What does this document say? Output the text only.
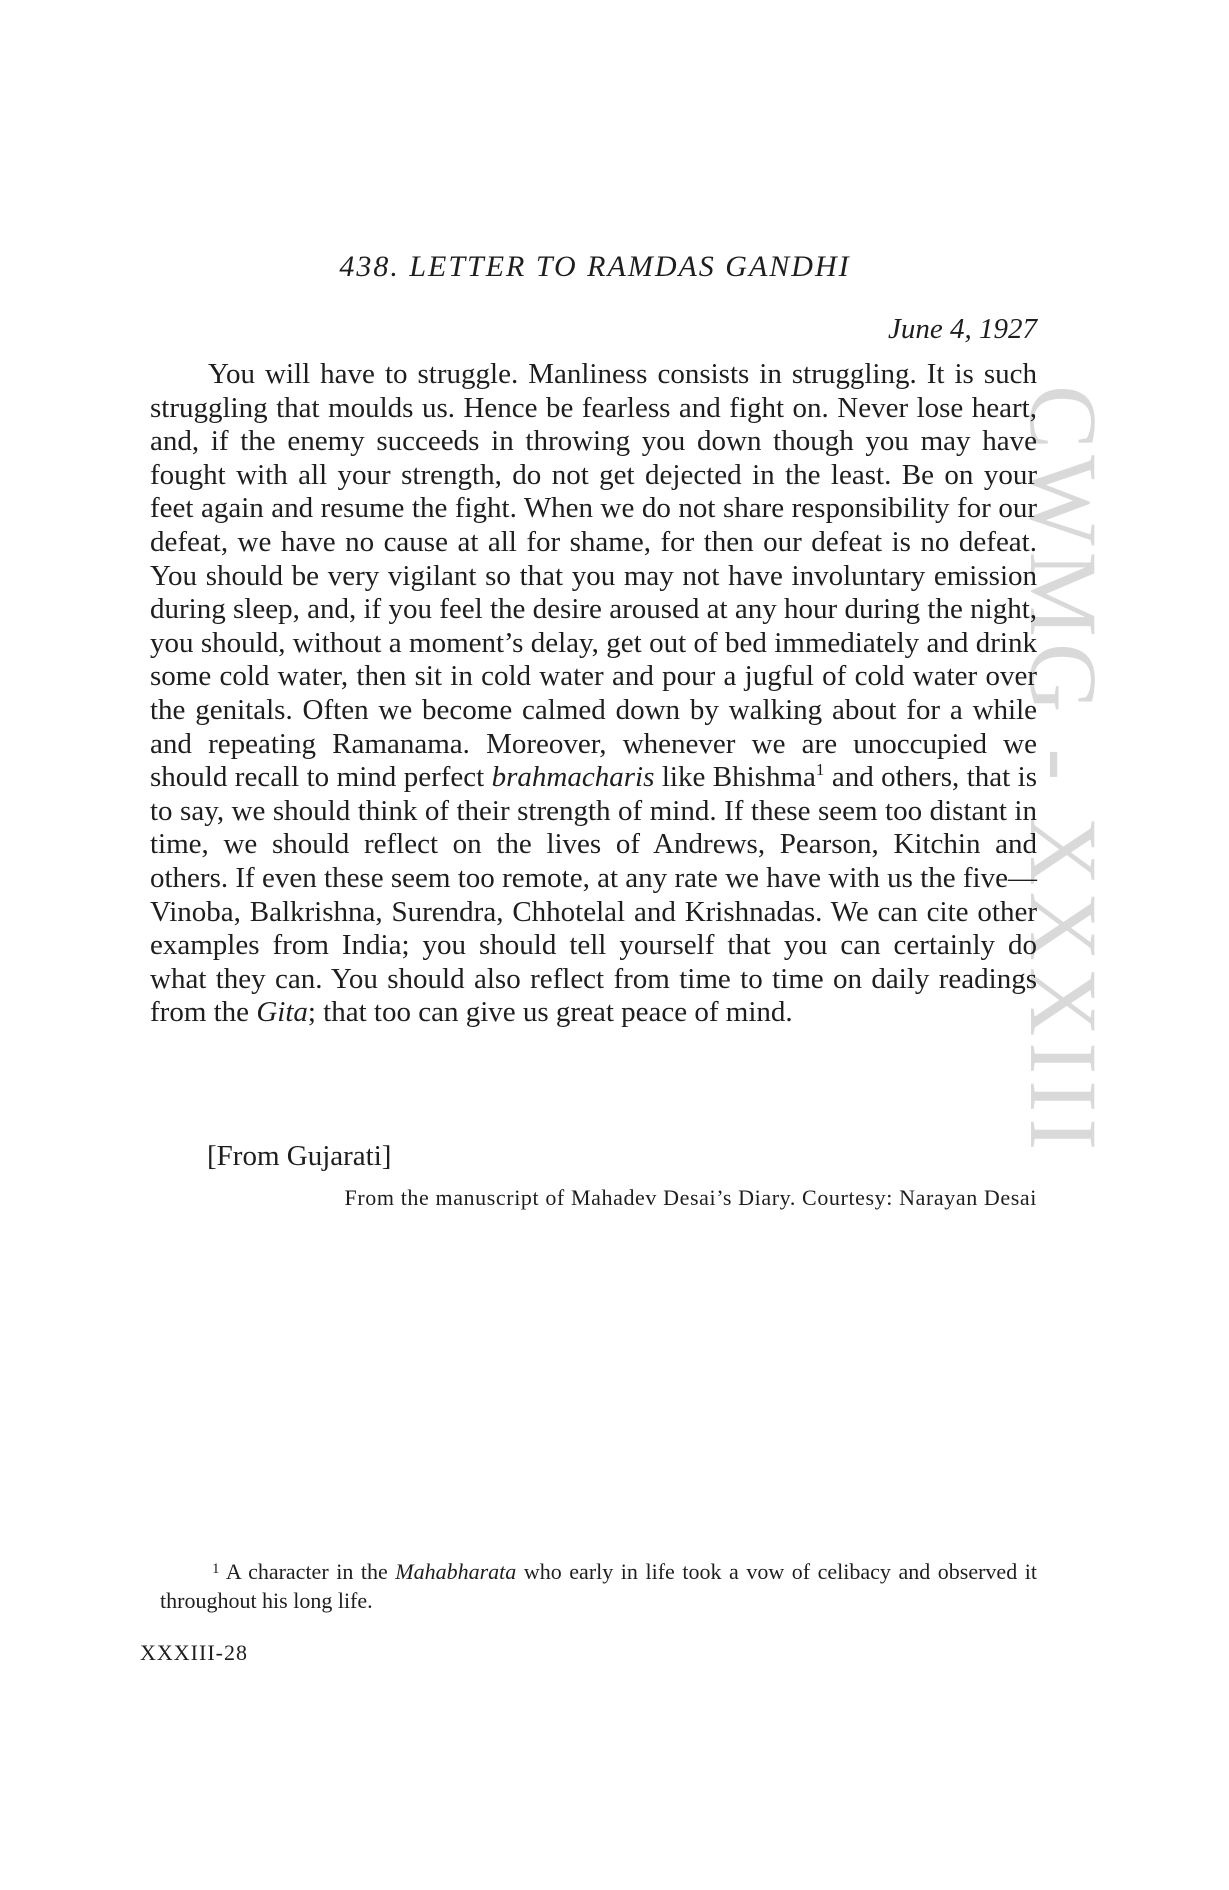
CWMG - XXXIII
438. LETTER TO RAMDAS GANDHI
June 4, 1927

You will have to struggle. Manliness consists in struggling. It is such struggling that moulds us. Hence be fearless and fight on. Never lose heart, and, if the enemy succeeds in throwing you down though you may have fought with all your strength, do not get dejected in the least. Be on your feet again and resume the fight. When we do not share responsibility for our defeat, we have no cause at all for shame, for then our defeat is no defeat. You should be very vigilant so that you may not have involuntary emission during sleep, and, if you feel the desire aroused at any hour during the night, you should, without a moment’s delay, get out of bed immediately and drink some cold water, then sit in cold water and pour a jugful of cold water over the genitals. Often we become calmed down by walking about for a while and repeating Ramanama. Moreover, whenever we are unoccupied we should recall to mind perfect brahmacharis like Bhishma$^1$ and others, that is to say, we should think of their strength of mind. If these seem too distant in time, we should reflect on the lives of Andrews, Pearson, Kitchin and others. If even these seem too remote, at any rate we have with us the five—Vinoba, Balkrishna, Surendra, Chhotelal and Krishnadas. We can cite other examples from India; you should tell yourself that you can certainly do what they can. You should also reflect from time to time on daily readings from the Gita; that too can give us great peace of mind.

[From Gujarati]
From the manuscript of Mahadev Desai’s Diary. Courtesy: Narayan Desai
$^1$ A character in the Mahabharata who early in life took a vow of celibacy and observed it throughout his long life.
XXXIII-28
